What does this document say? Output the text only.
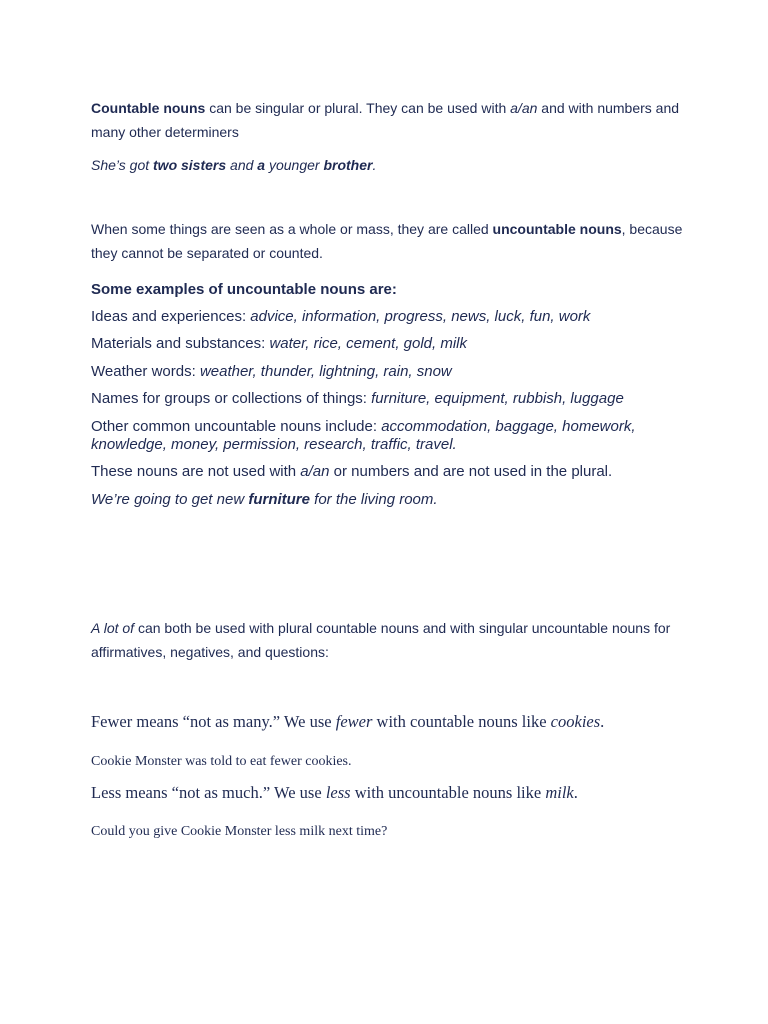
Countable nouns can be singular or plural. They can be used with a/an and with numbers and many other determiners

She’s got two sisters and a younger brother.

When some things are seen as a whole or mass, they are called uncountable nouns, because they cannot be separated or counted.

Some examples of uncountable nouns are:

Ideas and experiences: advice, information, progress, news, luck, fun, work

Materials and substances: water, rice, cement, gold, milk

Weather words: weather, thunder, lightning, rain, snow

Names for groups or collections of things: furniture, equipment, rubbish, luggage

Other common uncountable nouns include: accommodation, baggage, homework, knowledge, money, permission, research, traffic, travel.

These nouns are not used with a/an or numbers and are not used in the plural.

We’re going to get new furniture for the living room.

A lot of can both be used with plural countable nouns and with singular uncountable nouns for affirmatives, negatives, and questions:

Fewer means “not as many.” We use fewer with countable nouns like cookies.

Cookie Monster was told to eat fewer cookies.

Less means “not as much.” We use less with uncountable nouns like milk.

Could you give Cookie Monster less milk next time?
